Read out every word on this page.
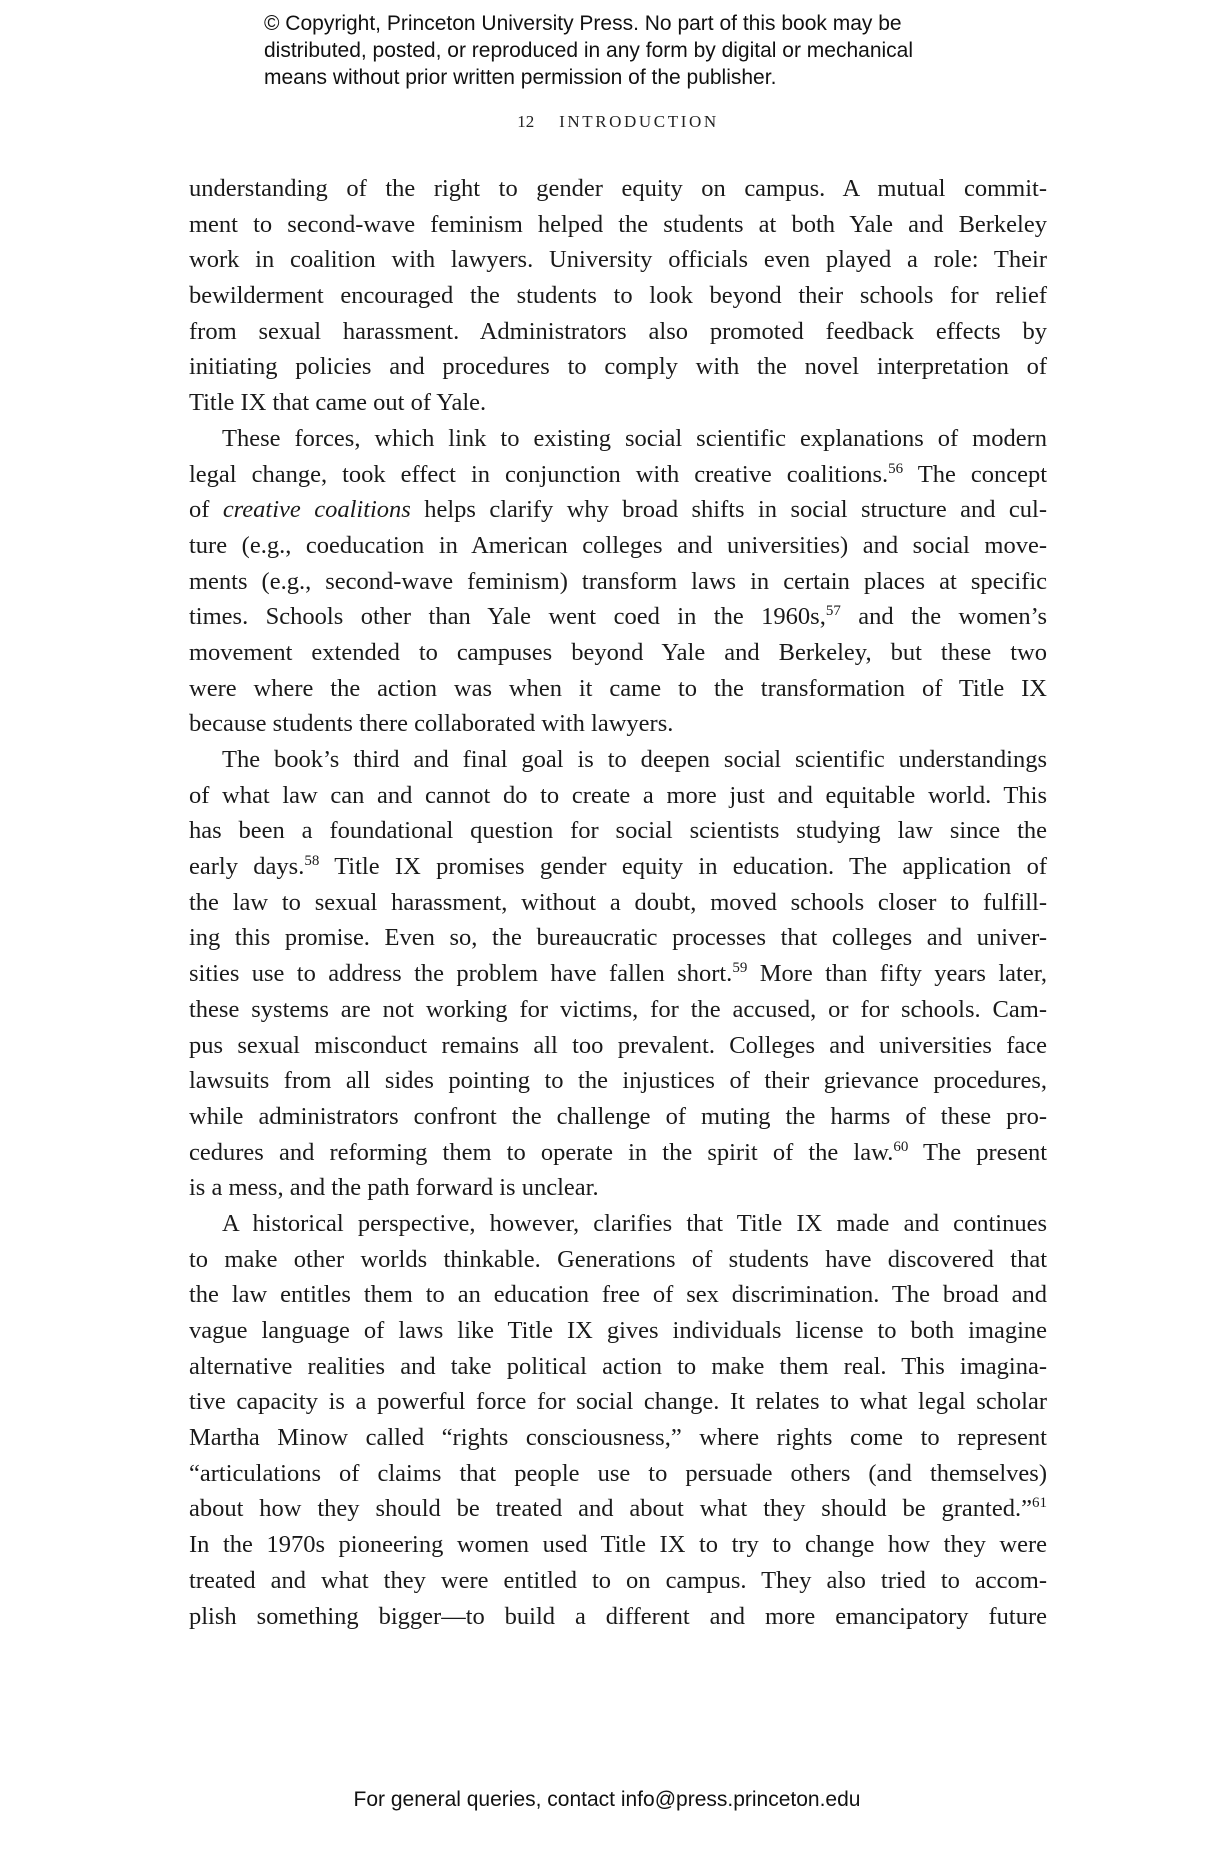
© Copyright, Princeton University Press. No part of this book may be
distributed, posted, or reproduced in any form by digital or mechanical
means without prior written permission of the publisher.
12 INTRODUCTION
understanding of the right to gender equity on campus. A mutual commit-
ment to second-wave feminism helped the students at both Yale and Berkeley
work in coalition with lawyers. University officials even played a role: Their
bewilderment encouraged the students to look beyond their schools for relief
from sexual harassment. Administrators also promoted feedback effects by
initiating policies and procedures to comply with the novel interpretation of
Title IX that came out of Yale.
These forces, which link to existing social scientific explanations of modern
legal change, took effect in conjunction with creative coalitions.$^{56}$ The concept
of creative coalitions helps clarify why broad shifts in social structure and cul-
ture (e.g., coeducation in American colleges and universities) and social move-
ments (e.g., second-wave feminism) transform laws in certain places at specific
times. Schools other than Yale went coed in the 1960s,$^{57}$ and the women’s
movement extended to campuses beyond Yale and Berkeley, but these two
were where the action was when it came to the transformation of Title IX
because students there collaborated with lawyers.
The book’s third and final goal is to deepen social scientific understandings
of what law can and cannot do to create a more just and equitable world. This
has been a foundational question for social scientists studying law since the
early days.$^{58}$ Title IX promises gender equity in education. The application of
the law to sexual harassment, without a doubt, moved schools closer to fulfill-
ing this promise. Even so, the bureaucratic processes that colleges and univer-
sities use to address the problem have fallen short.$^{59}$ More than fifty years later,
these systems are not working for victims, for the accused, or for schools. Cam-
pus sexual misconduct remains all too prevalent. Colleges and universities face
lawsuits from all sides pointing to the injustices of their grievance procedures,
while administrators confront the challenge of muting the harms of these pro-
cedures and reforming them to operate in the spirit of the law.$^{60}$ The present
is a mess, and the path forward is unclear.
A historical perspective, however, clarifies that Title IX made and continues
to make other worlds thinkable. Generations of students have discovered that
the law entitles them to an education free of sex discrimination. The broad and
vague language of laws like Title IX gives individuals license to both imagine
alternative realities and take political action to make them real. This imagina-
tive capacity is a powerful force for social change. It relates to what legal scholar
Martha Minow called “rights consciousness,” where rights come to represent
“articulations of claims that people use to persuade others (and themselves)
about how they should be treated and about what they should be granted.”$^{61}$
In the 1970s pioneering women used Title IX to try to change how they were
treated and what they were entitled to on campus. They also tried to accom-
plish something bigger—to build a different and more emancipatory future
For general queries, contact info@press.princeton.edu
